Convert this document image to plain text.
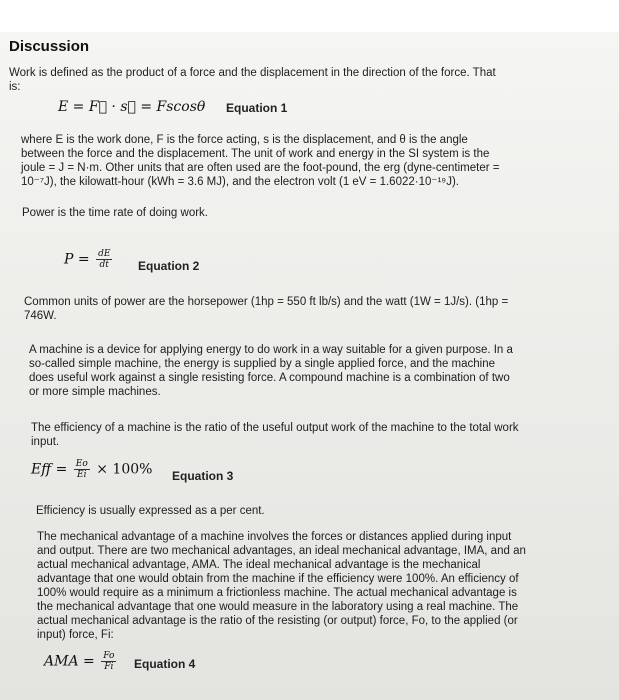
Discussion
Work is defined as the product of a force and the displacement in the direction of the force. That
is:
E = F⃗ · s⃗ = Fscosθ Equation 1
where E is the work done, F is the force acting, s is the displacement, and θ is the angle
between the force and the displacement. The unit of work and energy in the SI system is the
joule = J = N·m. Other units that are often used are the foot-pound, the erg (dyne-centimeter =
10⁻⁷J), the kilowatt-hour (kWh = 3.6 MJ), and the electron volt (1 eV = 1.6022·10⁻¹⁹J).
Power is the time rate of doing work.
$P = \frac{dE}{dt}$ Equation 2
Common units of power are the horsepower (1hp = 550 ft lb/s) and the watt (1W = 1J/s). (1hp =
746W.
A machine is a device for applying energy to do work in a way suitable for a given purpose. In a
so-called simple machine, the energy is supplied by a single applied force, and the machine
does useful work against a single resisting force. A compound machine is a combination of two
or more simple machines.
The efficiency of a machine is the ratio of the useful output work of the machine to the total work
input.
Eff = $\frac{Eo}{Ei} \times 100\%$ Equation 3
Efficiency is usually expressed as a per cent.
The mechanical advantage of a machine involves the forces or distances applied during input
and output. There are two mechanical advantages, an ideal mechanical advantage, IMA, and an
actual mechanical advantage, AMA. The ideal mechanical advantage is the mechanical
advantage that one would obtain from the machine if the efficiency were 100%. An efficiency of
100% would require as a minimum a frictionless machine. The actual mechanical advantage is
the mechanical advantage that one would measure in the laboratory using a real machine. The
actual mechanical advantage is the ratio of the resisting (or output) force, Fo, to the applied (or
input) force, Fi:
AMA = $\frac{Fo}{Fi}$ Equation 4
